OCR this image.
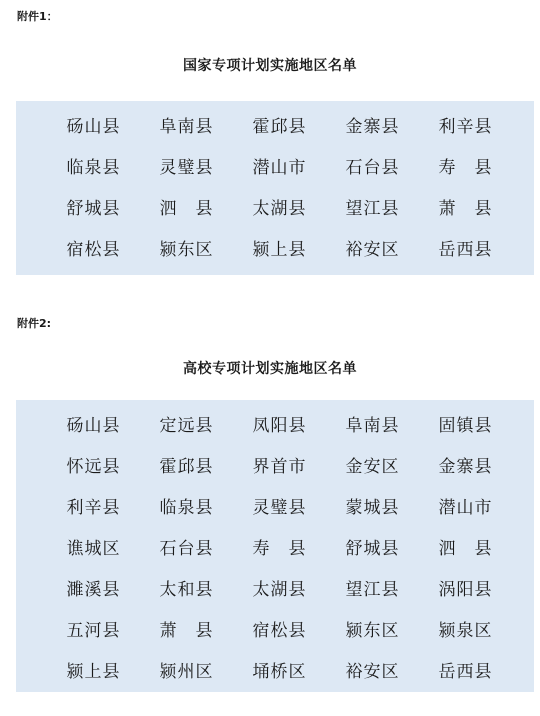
附件1：
国家专项计划实施地区名单
砀山县	阜南县	霍邱县	金寨县	利辛县
临泉县	灵璧县	潜山市	石台县	寿　县
舒城县	泗　县	太湖县	望江县	萧　县
宿松县	颍东区	颍上县	裕安区	岳西县
附件2:
高校专项计划实施地区名单
砀山县	定远县	凤阳县	阜南县	固镇县
怀远县	霍邱县	界首市	金安区	金寨县
利辛县	临泉县	灵璧县	蒙城县	潜山市
谯城区	石台县	寿　县	舒城县	泗　县
濉溪县	太和县	太湖县	望江县	涡阳县
五河县	萧　县	宿松县	颍东区	颍泉区
颍上县	颍州区	埇桥区	裕安区	岳西县
